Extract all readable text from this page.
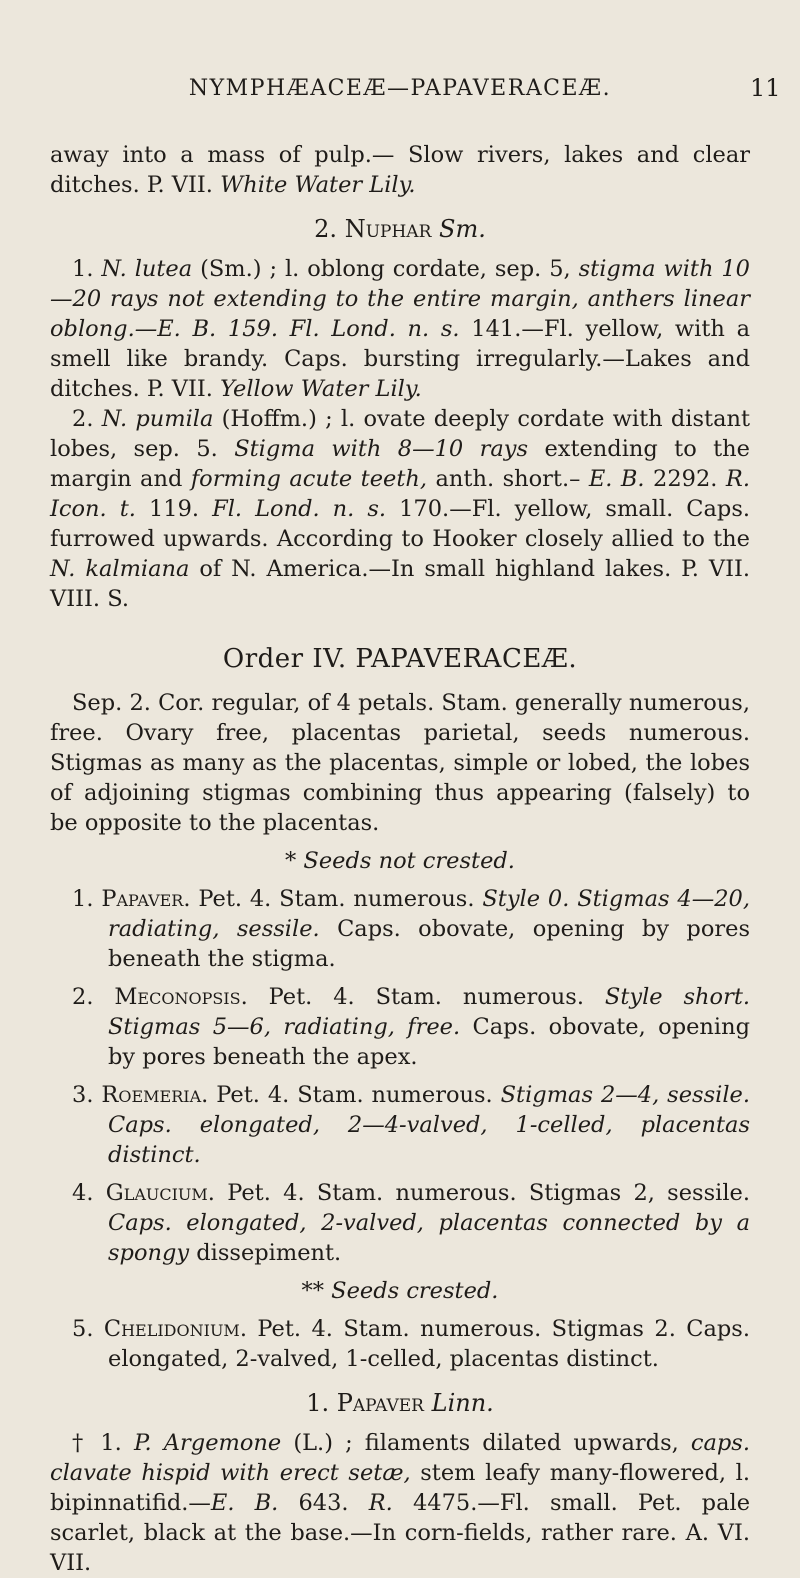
NYMPHÆACEÆ—PAPAVERACEÆ.	11

away into a mass of pulp.— Slow rivers, lakes and clear ditches. P. VII. White Water Lily.

2. Nuphar Sm.

1. N. lutea (Sm.) ; l. oblong cordate, sep. 5, stigma with 10—20 rays not extending to the entire margin, anthers linear oblong.—E. B. 159. Fl. Lond. n. s. 141.—Fl. yellow, with a smell like brandy. Caps. bursting irregularly.—Lakes and ditches. P. VII. Yellow Water Lily.

2. N. pumila (Hoffm.) ; l. ovate deeply cordate with distant lobes, sep. 5. Stigma with 8—10 rays extending to the margin and forming acute teeth, anth. short.– E. B. 2292. R. Icon. t. 119. Fl. Lond. n. s. 170.—Fl. yellow, small. Caps. furrowed upwards. According to Hooker closely allied to the N. kalmiana of N. America.—In small highland lakes. P. VII. VIII. S.

Order IV. PAPAVERACEÆ.

Sep. 2. Cor. regular, of 4 petals. Stam. generally numerous, free. Ovary free, placentas parietal, seeds numerous. Stigmas as many as the placentas, simple or lobed, the lobes of adjoining stigmas combining thus appearing (falsely) to be opposite to the placentas.

* Seeds not crested.

1. Papaver. Pet. 4. Stam. numerous. Style 0. Stigmas 4—20, radiating, sessile. Caps. obovate, opening by pores beneath the stigma.

2. Meconopsis. Pet. 4. Stam. numerous. Style short. Stigmas 5—6, radiating, free. Caps. obovate, opening by pores beneath the apex.

3. Roemeria. Pet. 4. Stam. numerous. Stigmas 2—4, sessile. Caps. elongated, 2—4-valved, 1-celled, placentas distinct.

4. Glaucium. Pet. 4. Stam. numerous. Stigmas 2, sessile. Caps. elongated, 2-valved, placentas connected by a spongy dissepiment.

** Seeds crested.

5. Chelidonium. Pet. 4. Stam. numerous. Stigmas 2. Caps. elongated, 2-valved, 1-celled, placentas distinct.

1. Papaver Linn.

† 1. P. Argemone (L.) ; filaments dilated upwards, caps. clavate hispid with erect setæ, stem leafy many-flowered, l. bipinnatifid.—E. B. 643. R. 4475.—Fl. small. Pet. pale scarlet, black at the base.—In corn-fields, rather rare. A. VI. VII.
